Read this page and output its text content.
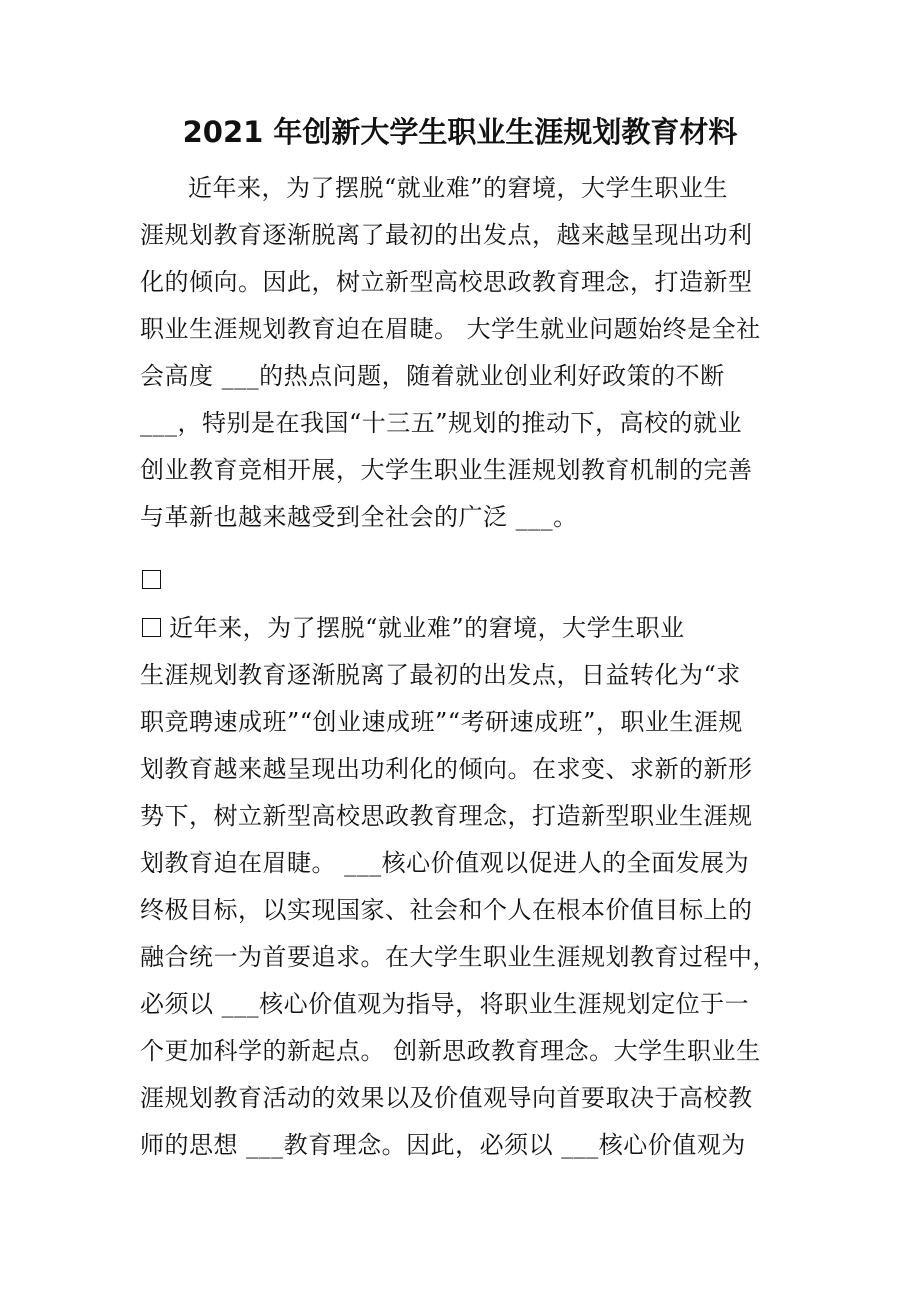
2021 年创新大学生职业生涯规划教育材料
近年来，为了摆脱“就业难”的窘境，大学生职业生
涯规划教育逐渐脱离了最初的出发点，越来越呈现出功利
化的倾向。因此，树立新型高校思政教育理念，打造新型
职业生涯规划教育迫在眉睫。 大学生就业问题始终是全社
会高度 ___的热点问题，随着就业创业利好政策的不断
___，特别是在我国“十三五”规划的推动下，高校的就业
创业教育竞相开展，大学生职业生涯规划教育机制的完善
与革新也越来越受到全社会的广泛 ___。
近年来，为了摆脱“就业难”的窘境，大学生职业
生涯规划教育逐渐脱离了最初的出发点，日益转化为“求
职竞聘速成班”“创业速成班”“考研速成班”，职业生涯规
划教育越来越呈现出功利化的倾向。在求变、求新的新形
势下，树立新型高校思政教育理念，打造新型职业生涯规
划教育迫在眉睫。 ___核心价值观以促进人的全面发展为
终极目标，以实现国家、社会和个人在根本价值目标上的
融合统一为首要追求。在大学生职业生涯规划教育过程中，
必须以 ___核心价值观为指导，将职业生涯规划定位于一
个更加科学的新起点。 创新思政教育理念。大学生职业生
涯规划教育活动的效果以及价值观导向首要取决于高校教
师的思想 ___教育理念。因此，必须以 ___核心价值观为
